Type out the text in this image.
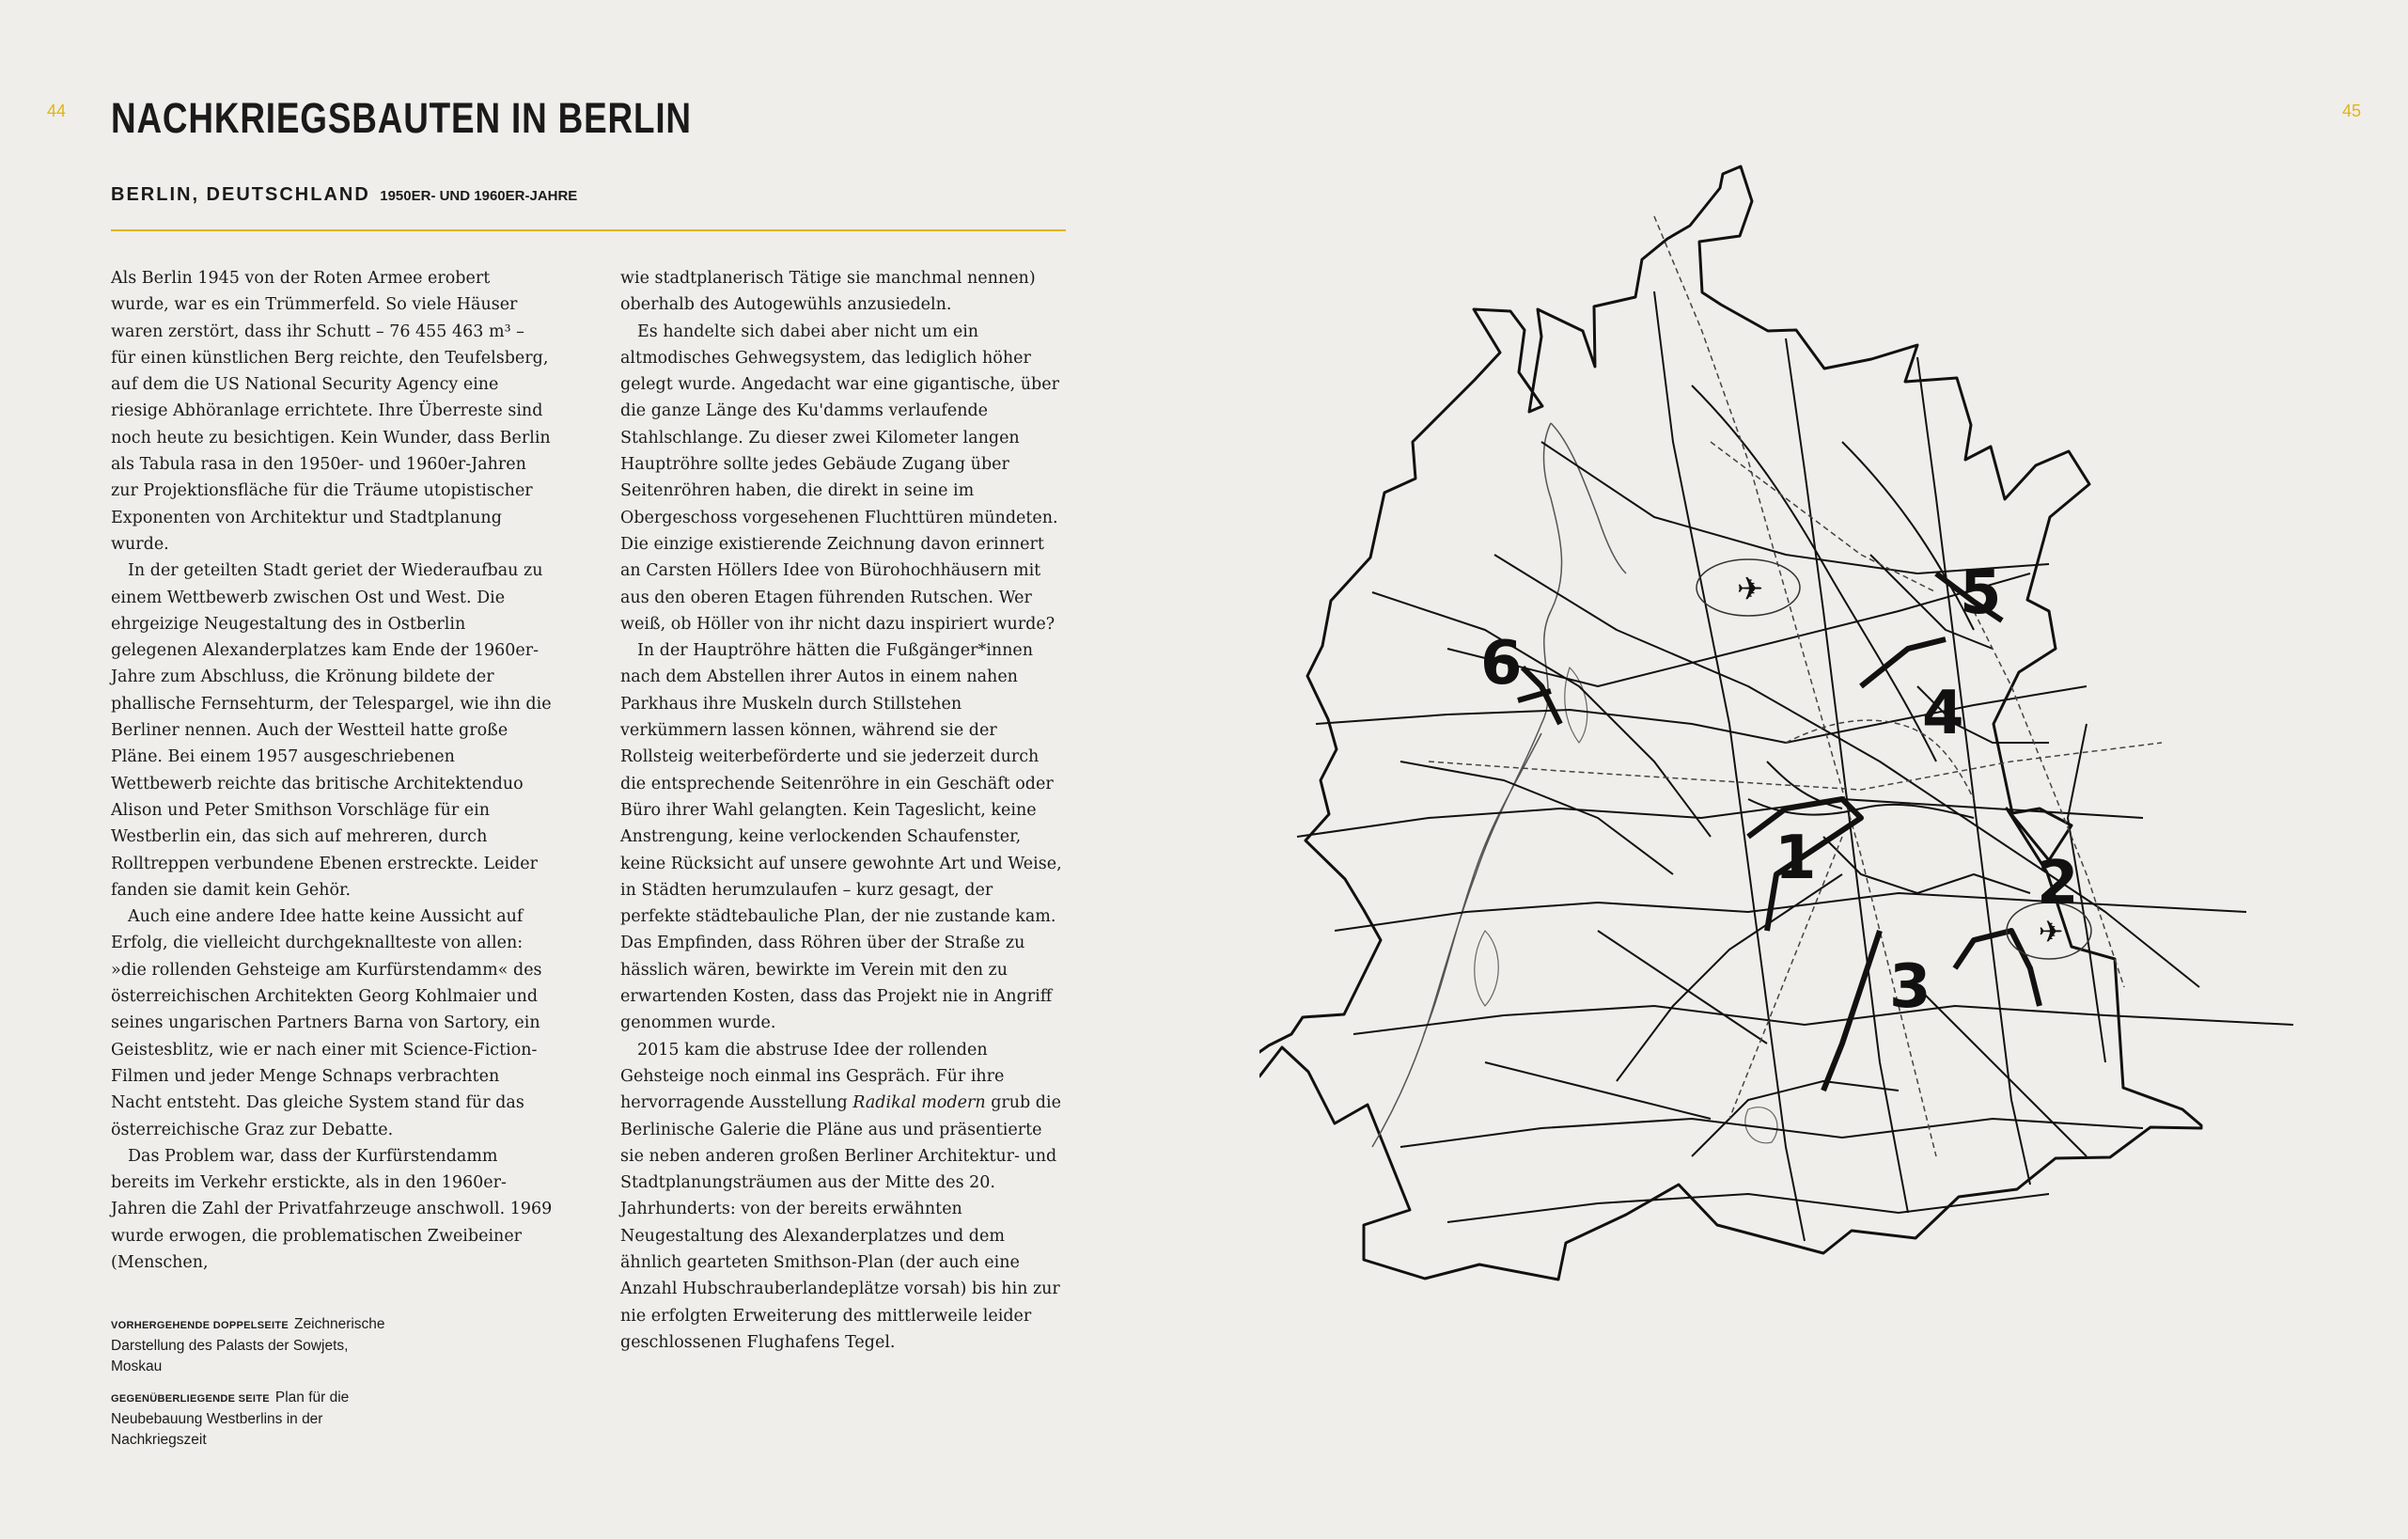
44	45
NACHKRIEGSBAUTEN IN BERLIN
BERLIN, DEUTSCHLAND 1950ER- UND 1960ER-JAHRE

Als Berlin 1945 von der Roten Armee erobert wurde, war es ein Trümmerfeld. So viele Häuser waren zerstört, dass ihr Schutt – 76 455 463 m³ – für einen künstlichen Berg reichte, den Teufelsberg, auf dem die US National Security Agency eine riesige Abhöranlage errichtete. Ihre Überreste sind noch heute zu besichtigen. Kein Wunder, dass Berlin als Tabula rasa in den 1950er- und 1960er-Jahren zur Projektionsfläche für die Träume utopistischer Exponenten von Architektur und Stadtplanung wurde.

In der geteilten Stadt geriet der Wiederaufbau zu einem Wettbewerb zwischen Ost und West. Die ehrgeizige Neugestaltung des in Ostberlin gelegenen Alexanderplatzes kam Ende der 1960er-Jahre zum Abschluss, die Krönung bildete der phallische Fernsehturm, der Telespargel, wie ihn die Berliner nennen. Auch der Westteil hatte große Pläne. Bei einem 1957 ausgeschriebenen Wettbewerb reichte das britische Architektenduo Alison und Peter Smithson Vorschläge für ein Westberlin ein, das sich auf mehreren, durch Rolltreppen verbundene Ebenen erstreckte. Leider fanden sie damit kein Gehör.

Auch eine andere Idee hatte keine Aussicht auf Erfolg, die vielleicht durchgeknallteste von allen: »die rollenden Gehsteige am Kurfürstendamm« des österreichischen Architekten Georg Kohlmaier und seines ungarischen Partners Barna von Sartory, ein Geistesblitz, wie er nach einer mit Science-Fiction-Filmen und jeder Menge Schnaps verbrachten Nacht entsteht. Das gleiche System stand für das österreichische Graz zur Debatte.

Das Problem war, dass der Kurfürstendamm bereits im Verkehr erstickte, als in den 1960er-Jahren die Zahl der Privatfahrzeuge anschwoll. 1969 wurde erwogen, die problematischen Zweibeiner (Menschen,

wie stadtplanerisch Tätige sie manchmal nennen) oberhalb des Autogewühls anzusiedeln.

Es handelte sich dabei aber nicht um ein altmodisches Gehwegsystem, das lediglich höher gelegt wurde. Angedacht war eine gigantische, über die ganze Länge des Ku'damms verlaufende Stahlschlange. Zu dieser zwei Kilometer langen Hauptröhre sollte jedes Gebäude Zugang über Seitenröhren haben, die direkt in seine im Obergeschoss vorgesehenen Fluchttüren mündeten. Die einzige existierende Zeichnung davon erinnert an Carsten Höllers Idee von Bürohochhäusern mit aus den oberen Etagen führenden Rutschen. Wer weiß, ob Höller von ihr nicht dazu inspiriert wurde?

In der Hauptröhre hätten die Fußgänger*innen nach dem Abstellen ihrer Autos in einem nahen Parkhaus ihre Muskeln durch Stillstehen verkümmern lassen können, während sie der Rollsteig weiterbeförderte und sie jederzeit durch die entsprechende Seitenröhre in ein Geschäft oder Büro ihrer Wahl gelangten. Kein Tageslicht, keine Anstrengung, keine verlockenden Schaufenster, keine Rücksicht auf unsere gewohnte Art und Weise, in Städten herumzulaufen – kurz gesagt, der perfekte städtebauliche Plan, der nie zustande kam. Das Empfinden, dass Röhren über der Straße zu hässlich wären, bewirkte im Verein mit den zu erwartenden Kosten, dass das Projekt nie in Angriff genommen wurde.

2015 kam die abstruse Idee der rollenden Gehsteige noch einmal ins Gespräch. Für ihre hervorragende Ausstellung Radikal modern grub die Berlinische Galerie die Pläne aus und präsentierte sie neben anderen großen Berliner Architektur- und Stadtplanungsträumen aus der Mitte des 20. Jahrhunderts: von der bereits erwähnten Neugestaltung des Alexanderplatzes und dem ähnlich gearteten Smithson-Plan (der auch eine Anzahl Hubschrauberlandeplätze vorsah) bis hin zur nie erfolgten Erweiterung des mittlerweile leider geschlossenen Flughafens Tegel.

VORHERGEHENDE DOPPELSEITE Zeichnerische Darstellung des Palasts der Sowjets, Moskau
GEGENÜBERLIEGENDE SEITE Plan für die Neubebauung Westberlins in der Nachkriegszeit
✈
✈
1	2
3
4
5
6
